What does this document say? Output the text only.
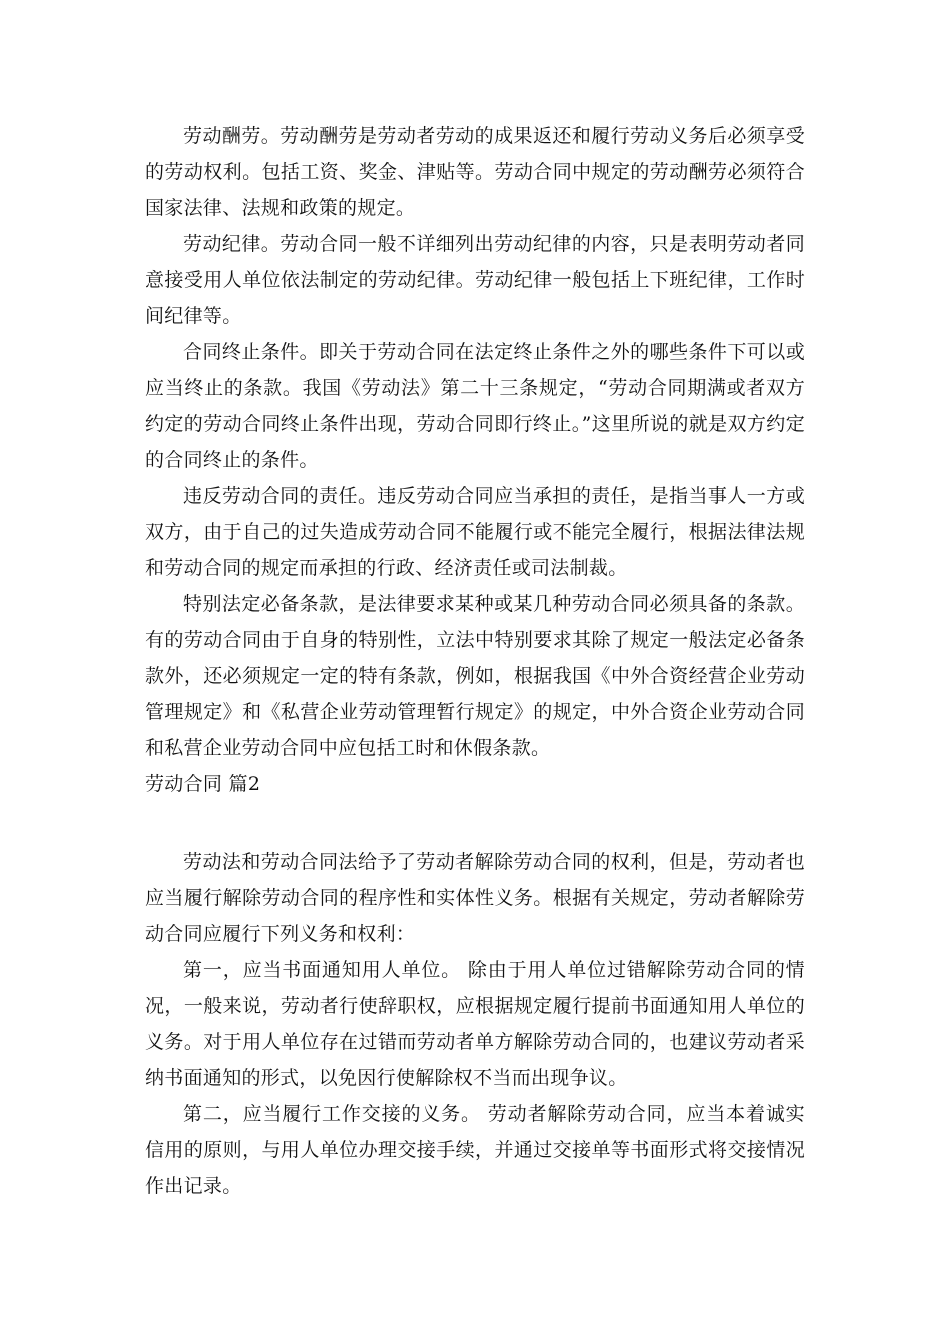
劳动酬劳。劳动酬劳是劳动者劳动的成果返还和履行劳动义务后必须享受的劳动权利。包括工资、奖金、津贴等。劳动合同中规定的劳动酬劳必须符合国家法律、法规和政策的规定。

劳动纪律。劳动合同一般不详细列出劳动纪律的内容，只是表明劳动者同意接受用人单位依法制定的劳动纪律。劳动纪律一般包括上下班纪律，工作时间纪律等。

合同终止条件。即关于劳动合同在法定终止条件之外的哪些条件下可以或应当终止的条款。我国《劳动法》第二十三条规定，“劳动合同期满或者双方约定的劳动合同终止条件出现，劳动合同即行终止。”这里所说的就是双方约定的合同终止的条件。

违反劳动合同的责任。违反劳动合同应当承担的责任，是指当事人一方或双方，由于自己的过失造成劳动合同不能履行或不能完全履行，根据法律法规和劳动合同的规定而承担的行政、经济责任或司法制裁。

特别法定必备条款，是法律要求某种或某几种劳动合同必须具备的条款。有的劳动合同由于自身的特别性，立法中特别要求其除了规定一般法定必备条款外，还必须规定一定的特有条款，例如，根据我国《中外合资经营企业劳动管理规定》和《私营企业劳动管理暂行规定》的规定，中外合资企业劳动合同和私营企业劳动合同中应包括工时和休假条款。

劳动合同 篇2

劳动法和劳动合同法给予了劳动者解除劳动合同的权利，但是，劳动者也应当履行解除劳动合同的程序性和实体性义务。根据有关规定，劳动者解除劳动合同应履行下列义务和权利：

第一，应当书面通知用人单位。 除由于用人单位过错解除劳动合同的情况，一般来说，劳动者行使辞职权，应根据规定履行提前书面通知用人单位的义务。对于用人单位存在过错而劳动者单方解除劳动合同的，也建议劳动者采纳书面通知的形式，以免因行使解除权不当而出现争议。

第二，应当履行工作交接的义务。 劳动者解除劳动合同，应当本着诚实信用的原则，与用人单位办理交接手续，并通过交接单等书面形式将交接情况作出记录。
